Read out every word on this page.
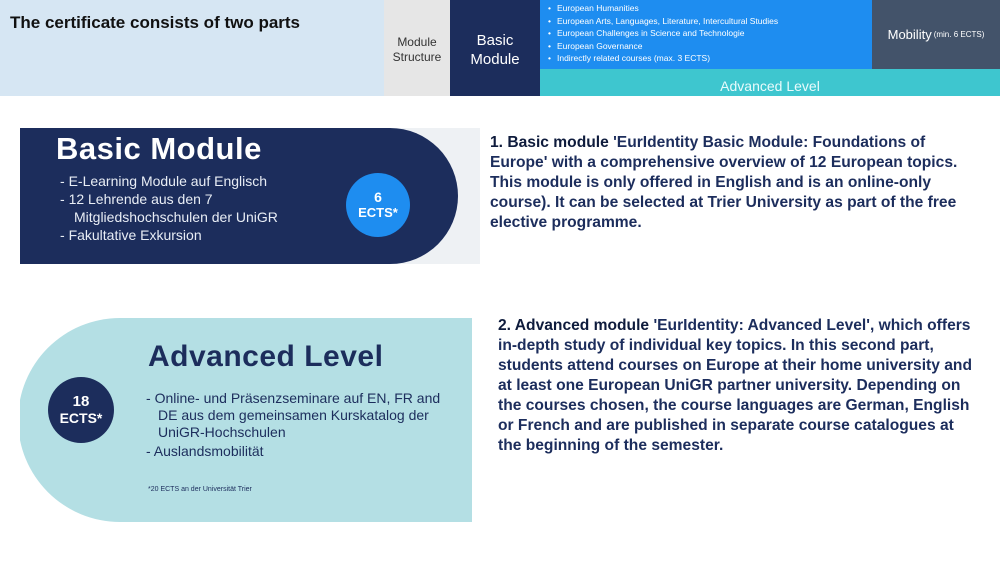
The certificate consists of two parts
Module Structure
Basic Module
• European Humanities
• European Arts, Languages, Literature, Intercultural Studies
• European Challenges in Science and Technologie
• European Governance
• Indirectly related courses (max. 3 ECTS)
Mobility (min. 6 ECTS)
Advanced Level
Basic Module
- E-Learning Module auf Englisch
- 12 Lehrende aus den 7 Mitgliedshochschulen der UniGR
- Fakultative Exkursion
6
ECTS*
1. Basic module 'EurIdentity Basic Module: Foundations of Europe' with a comprehensive overview of 12 European topics. This module is only offered in English and is an online-only course). It can be selected at Trier University as part of the free elective programme.
Advanced Level
- Online- und Präsenzseminare auf EN, FR and DE aus dem gemeinsamen Kurskatalog der UniGR-Hochschulen
- Auslandsmobilität
*20 ECTS an der Universität Trier
18
ECTS*
2. Advanced module 'EurIdentity: Advanced Level', which offers in-depth study of individual key topics. In this second part, students attend courses on Europe at their home university and at least one European UniGR partner university. Depending on the courses chosen, the course languages are German, English or French and are published in separate course catalogues at the beginning of the semester.
